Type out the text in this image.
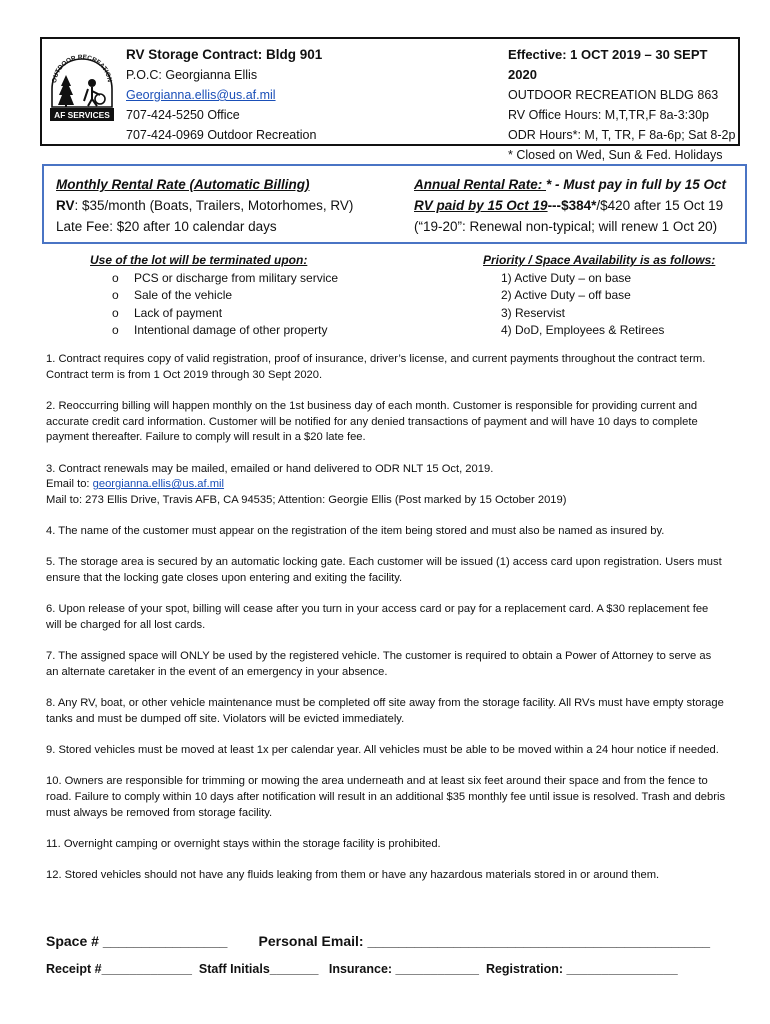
OUTDOOR RECREATION
AF SERVICES
RV Storage Contract: Bldg 901
P.O.C: Georgianna Ellis
Georgianna.ellis@us.af.mil
707-424-5250 Office
707-424-0969 Outdoor Recreation
Effective: 1 OCT 2019 – 30 SEPT 2020
OUTDOOR RECREATION BLDG 863
RV Office Hours: M,T,TR,F 8a-3:30p
ODR Hours*: M, T, TR, F 8a-6p; Sat 8-2p
* Closed on Wed, Sun & Fed. Holidays
Monthly Rental Rate (Automatic Billing)
RV: $35/month (Boats, Trailers, Motorhomes, RV)
Late Fee: $20 after 10 calendar days
Annual Rental Rate: * - Must pay in full by 15 Oct
RV paid by 15 Oct 19---$384*/$420 after 15 Oct 19
(“19-20”: Renewal non-typical; will renew 1 Oct 20)
Use of the lot will be terminated upon:
o	PCS or discharge from military service
o	Sale of the vehicle
o	Lack of payment
o	Intentional damage of other property
Priority / Space Availability is as follows:
1) Active Duty – on base
2) Active Duty – off base
3) Reservist
4) DoD, Employees & Retirees

1. Contract requires copy of valid registration, proof of insurance, driver’s license, and current payments throughout the contract term. Contract term is from 1 Oct 2019 through 30 Sept 2020.

2. Reoccurring billing will happen monthly on the 1st business day of each month. Customer is responsible for providing current and accurate credit card information. Customer will be notified for any denied transactions of payment and will have 10 days to complete payment thereafter. Failure to comply will result in a $20 late fee.

3. Contract renewals may be mailed, emailed or hand delivered to ODR NLT 15 Oct, 2019.
Email to: georgianna.ellis@us.af.mil
Mail to: 273 Ellis Drive, Travis AFB, CA 94535; Attention: Georgie Ellis (Post marked by 15 October 2019)

4. The name of the customer must appear on the registration of the item being stored and must also be named as insured by.

5. The storage area is secured by an automatic locking gate. Each customer will be issued (1) access card upon registration. Users must ensure that the locking gate closes upon entering and exiting the facility.

6. Upon release of your spot, billing will cease after you turn in your access card or pay for a replacement card. A $30 replacement fee will be charged for all lost cards.

7. The assigned space will ONLY be used by the registered vehicle. The customer is required to obtain a Power of Attorney to serve as an alternate caretaker in the event of an emergency in your absence.

8. Any RV, boat, or other vehicle maintenance must be completed off site away from the storage facility. All RVs must have empty storage tanks and must be dumped off site. Violators will be evicted immediately.

9. Stored vehicles must be moved at least 1x per calendar year. All vehicles must be able to be moved within a 24 hour notice if needed.

10. Owners are responsible for trimming or mowing the area underneath and at least six feet around their space and from the fence to road. Failure to comply within 10 days after notification will result in an additional $35 monthly fee until issue is resolved. Trash and debris must always be removed from storage facility.

11. Overnight camping or overnight stays within the storage facility is prohibited.

12. Stored vehicles should not have any fluids leaking from them or have any hazardous materials stored in or around them.

Space # ________________ Personal Email: ____________________________________________
Receipt #_____________ Staff Initials_______ Insurance: ____________ Registration: ________________
